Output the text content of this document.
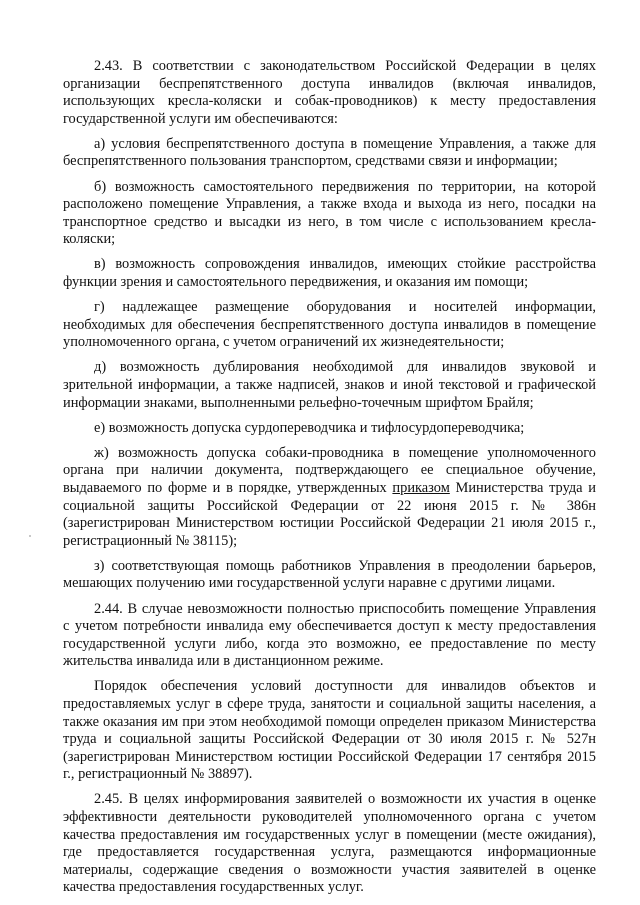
2.43. В соответствии с законодательством Российской Федерации в целях организации беспрепятственного доступа инвалидов (включая инвалидов, использующих кресла-коляски и собак-проводников) к месту предоставления государственной услуги им обеспечиваются:

а) условия беспрепятственного доступа в помещение Управления, а также для беспрепятственного пользования транспортом, средствами связи и информации;

б) возможность самостоятельного передвижения по территории, на которой расположено помещение Управления, а также входа и выхода из него, посадки на транспортное средство и высадки из него, в том числе с использованием кресла-коляски;

в) возможность сопровождения инвалидов, имеющих стойкие расстройства функции зрения и самостоятельного передвижения, и оказания им помощи;

г) надлежащее размещение оборудования и носителей информации, необходимых для обеспечения беспрепятственного доступа инвалидов в помещение уполномоченного органа, с учетом ограничений их жизнедеятельности;

д) возможность дублирования необходимой для инвалидов звуковой и зрительной информации, а также надписей, знаков и иной текстовой и графической информации знаками, выполненными рельефно-точечным шрифтом Брайля;

е) возможность допуска сурдопереводчика и тифлосурдопереводчика;

ж) возможность допуска собаки-проводника в помещение уполномоченного органа при наличии документа, подтверждающего ее специальное обучение, выдаваемого по форме и в порядке, утвержденных приказом Министерства труда и социальной защиты Российской Федерации от 22 июня 2015 г. № 386н (зарегистрирован Министерством юстиции Российской Федерации 21 июля 2015 г., регистрационный № 38115);

з) соответствующая помощь работников Управления в преодолении барьеров, мешающих получению ими государственной услуги наравне с другими лицами.

2.44. В случае невозможности полностью приспособить помещение Управления с учетом потребности инвалида ему обеспечивается доступ к месту предоставления государственной услуги либо, когда это возможно, ее предоставление по месту жительства инвалида или в дистанционном режиме.

Порядок обеспечения условий доступности для инвалидов объектов и предоставляемых услуг в сфере труда, занятости и социальной защиты населения, а также оказания им при этом необходимой помощи определен приказом Министерства труда и социальной защиты Российской Федерации от 30 июля 2015 г. № 527н (зарегистрирован Министерством юстиции Российской Федерации 17 сентября 2015 г., регистрационный № 38897).

2.45. В целях информирования заявителей о возможности их участия в оценке эффективности деятельности руководителей уполномоченного органа с учетом качества предоставления им государственных услуг в помещении (месте ожидания), где предоставляется государственная услуга, размещаются информационные материалы, содержащие сведения о возможности участия заявителей в оценке качества предоставления государственных услуг.
